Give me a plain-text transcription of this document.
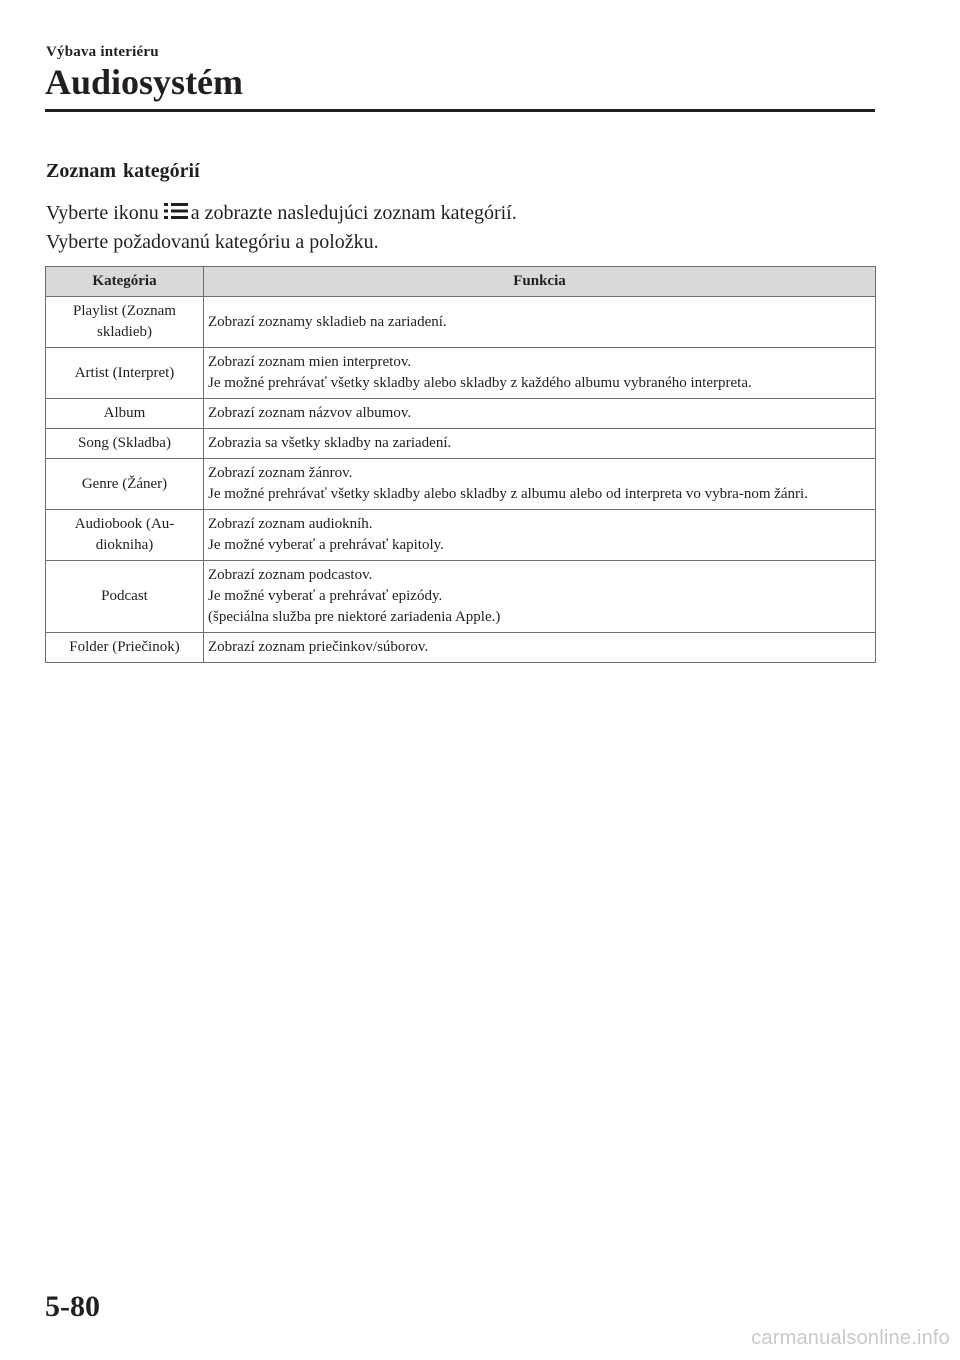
Výbava interiéru
Audiosystém
Zoznam kategórií

Vyberte ikonu a zobrazte nasledujúci zoznam kategórií.

Vyberte požadovanú kategóriu a položku.

Kategória	Funkcia
Playlist (Zoznam skladieb)	Zobrazí zoznamy skladieb na zariadení.

Artist (Interpret)	Zobrazí zoznam mien interpretov.
Je možné prehrávať všetky skladby alebo skladby z každého albumu vybraného interpreta.

Album	Zobrazí zoznam názvov albumov.

Song (Skladba)	Zobrazia sa všetky skladby na zariadení.

Genre (Žáner)	Zobrazí zoznam žánrov.
Je možné prehrávať všetky skladby alebo skladby z albumu alebo od interpreta vo vybra-nom žánri.

Audiobook (Au-diokniha)	Zobrazí zoznam audiokníh.
Je možné vyberať a prehrávať kapitoly.

Podcast	Zobrazí zoznam podcastov.
Je možné vyberať a prehrávať epizódy.
(špeciálna služba pre niektoré zariadenia Apple.)

Folder (Priečinok)	Zobrazí zoznam priečinkov/súborov.
5-80
carmanualsonline.info
